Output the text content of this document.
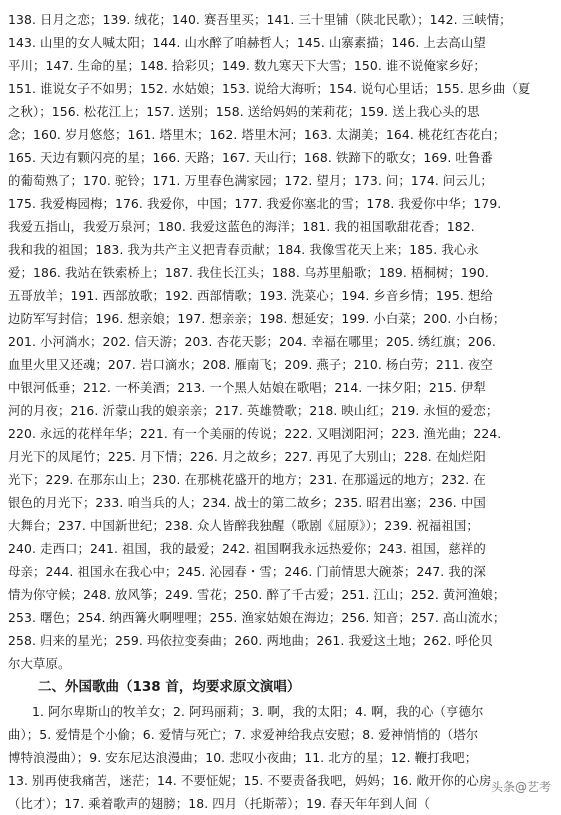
138. 日月之恋；139. 绒花；140. 赛吾里买；141. 三十里铺（陕北民歌）；142. 三峡情；
143. 山里的女人喊太阳；144. 山水醉了咱赫哲人；145. 山寨素描；146. 上去高山望
平川；147. 生命的星；148. 拾彩贝；149. 数九寒天下大雪；150. 谁不说俺家乡好；
151. 谁说女子不如男；152. 水姑娘；153. 说给大海听；154. 说句心里话；155. 思乡曲（夏
之秋）；156. 松花江上；157. 送别；158. 送给妈妈的茉莉花；159. 送上我心头的思
念；160. 岁月悠悠；161. 塔里木；162. 塔里木河；163. 太湖美；164. 桃花红杏花白；
165. 天边有颗闪亮的星；166. 天路；167. 天山行；168. 铁蹄下的歌女；169. 吐鲁番
的葡萄熟了；170. 驼铃；171. 万里春色满家园；172. 望月；173. 问；174. 问云儿；
175. 我爱梅园梅；176. 我爱你，中国；177. 我爱你塞北的雪；178. 我爱你中华；179.
我爱五指山，我爱万泉河；180. 我爱这蓝色的海洋；181. 我的祖国歌甜花香；182.
我和我的祖国；183. 我为共产主义把青春贡献；184. 我像雪花天上来；185. 我心永
爱；186. 我站在铁索桥上；187. 我住长江头；188. 乌苏里船歌；189. 梧桐树；190.
五哥放羊；191. 西部放歌；192. 西部情歌；193. 洗菜心；194. 乡音乡情；195. 想给
边防军写封信；196. 想亲娘；197. 想亲亲；198. 想延安；199. 小白菜；200. 小白杨；
201. 小河淌水；202. 信天游；203. 杏花天影；204. 幸福在哪里；205. 绣红旗；206.
血里火里又还魂；207. 岩口滴水；208. 雁南飞；209. 燕子；210. 杨白劳；211. 夜空
中银河低垂；212. 一杯美酒；213. 一个黑人姑娘在歌唱；214. 一抹夕阳；215. 伊犁
河的月夜；216. 沂蒙山我的娘亲亲；217. 英雄赞歌；218. 映山红；219. 永恒的爱恋；
220. 永远的花样年华；221. 有一个美丽的传说；222. 又唱浏阳河；223. 渔光曲；224.
月光下的凤尾竹；225. 月下情；226. 月之故乡；227. 再见了大别山；228. 在灿烂阳
光下；229. 在那东山上；230. 在那桃花盛开的地方；231. 在那遥远的地方；232. 在
银色的月光下；233. 咱当兵的人；234. 战士的第二故乡；235. 昭君出塞；236. 中国
大舞台；237. 中国新世纪；238. 众人皆醉我独醒（歌剧《屈原》）；239. 祝福祖国；
240. 走西口；241. 祖国，我的最爱；242. 祖国啊我永远热爱你；243. 祖国，慈祥的
母亲；244. 祖国永在我心中；245. 沁园春・雪；246. 门前情思大碗茶；247. 我的深
情为你守候；248. 放风筝；249. 雪花；250. 醉了千古爱；251. 江山；252. 黄河渔娘；
253. 曙色；254. 纳西篝火啊哩哩；255. 渔家姑娘在海边；256. 知音；257. 高山流水；
258. 归来的星光；259. 玛依拉变奏曲；260. 两地曲；261. 我爱这土地；262. 呼伦贝
尔大草原。
二、外国歌曲（138 首，均要求原文演唱）
1. 阿尔卑斯山的牧羊女；2. 阿玛丽莉；3. 啊，我的太阳；4. 啊，我的心（亨德尔
曲）；5. 爱情是个小偷；6. 爱情与死亡；7. 求爱神给我点安慰；8. 爱神悄悄的（塔尔
博特浪漫曲）；9. 安东尼达浪漫曲；10. 悲叹小夜曲；11. 北方的星；12. 鞭打我吧；
13. 别再使我痛苦，迷茫；14. 不要怔妮；15. 不要责备我吧，妈妈；16. 敞开你的心房
（比才）；17. 乘着歌声的翅膀；18. 四月（托斯蒂）；19. 春天年年到人间（
头条@艺考
